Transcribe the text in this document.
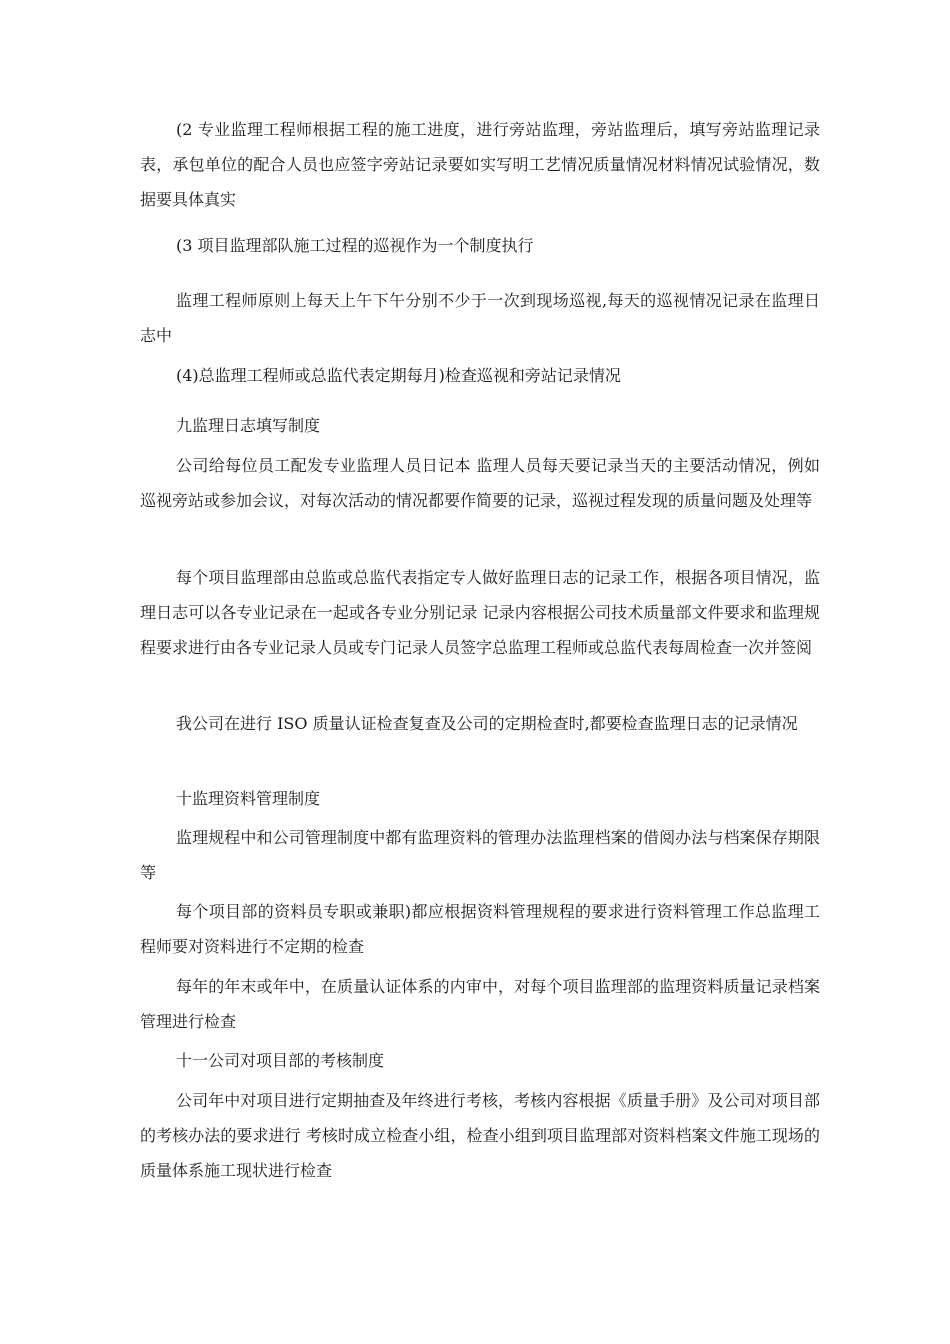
(2 专业监理工程师根据工程的施工进度，进行旁站监理，旁站监理后，填写旁站监理记录表，承包单位的配合人员也应签字旁站记录要如实写明工艺情况质量情况材料情况试验情况，数据要具体真实

(3 项目监理部队施工过程的巡视作为一个制度执行

监理工程师原则上每天上午下午分别不少于一次到现场巡视,每天的巡视情况记录在监理日志中

(4)总监理工程师或总监代表定期每月)检查巡视和旁站记录情况

九监理日志填写制度

公司给每位员工配发专业监理人员日记本 监理人员每天要记录当天的主要活动情况，例如巡视旁站或参加会议，对每次活动的情况都要作简要的记录，巡视过程发现的质量问题及处理等

每个项目监理部由总监或总监代表指定专人做好监理日志的记录工作，根据各项目情况，监理日志可以各专业记录在一起或各专业分别记录 记录内容根据公司技术质量部文件要求和监理规程要求进行由各专业记录人员或专门记录人员签字总监理工程师或总监代表每周检查一次并签阅

我公司在进行 ISO 质量认证检查复查及公司的定期检查时,都要检查监理日志的记录情况

十监理资料管理制度

监理规程中和公司管理制度中都有监理资料的管理办法监理档案的借阅办法与档案保存期限等

每个项目部的资料员专职或兼职)都应根据资料管理规程的要求进行资料管理工作总监理工程师要对资料进行不定期的检查

每年的年末或年中，在质量认证体系的内审中，对每个项目监理部的监理资料质量记录档案管理进行检查

十一公司对项目部的考核制度

公司年中对项目进行定期抽查及年终进行考核，考核内容根据《质量手册》及公司对项目部的考核办法的要求进行 考核时成立检查小组，检查小组到项目监理部对资料档案文件施工现场的质量体系施工现状进行检查
